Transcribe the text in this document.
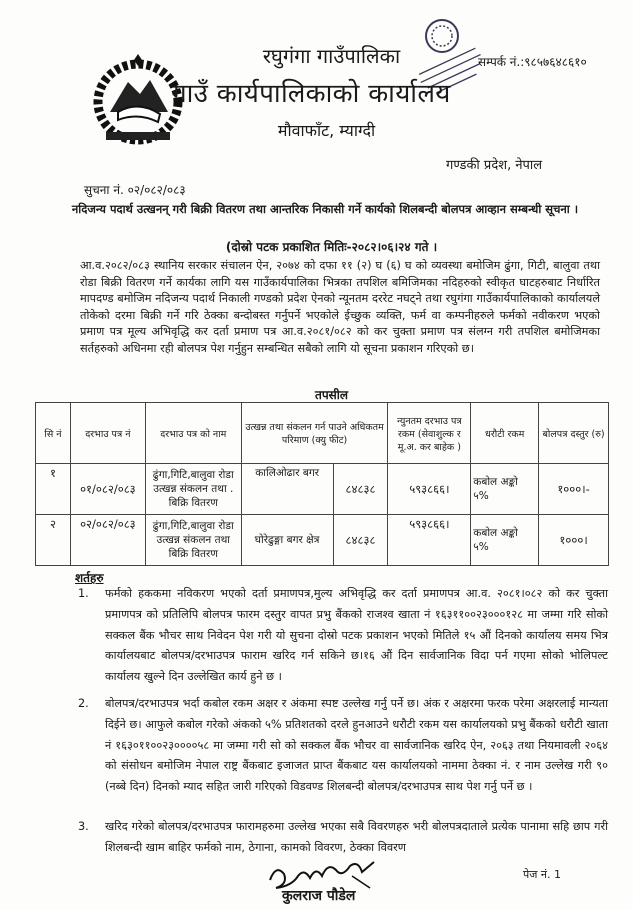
रघुगंगा गाउँपालिका
गाउँ कार्यपालिकाको कार्यालय
मौवाफाँट, म्याग्दी
सम्पर्क नं.:९८५७६४८६१०
गण्डकी प्रदेश, नेपाल
सुचना नं. ०२/०८२/०८३
नदिजन्य पदार्थ उत्खनन् गरी बिक्री वितरण तथा आन्तरिक निकासी गर्ने कार्यको शिलबन्दी बोलपत्र आव्हान सम्बन्धी सूचना ।
(दोस्रो पटक प्रकाशित मितिः-२०८२।०६।२४ गते ।
आ.व.२०८२/०८३ स्थानिय सरकार संचालन ऐन, २०७४ को दफा ११ (२) घ (६) घ को व्यवस्था बमोजिम ढुंगा, गिटी, बालुवा तथा रोडा बिक्री वितरण गर्ने कार्यका लागि यस गाउँकार्यपालिका भित्रका तपशिल बमिजिमका नदिहरुको स्वीकृत घाटहरुबाट निर्धारित मापदण्ड बमोजिम नदिजन्य पदार्थ निकाली गण्डको प्रदेश ऐनको न्यूनतम दररेट नघट्ने तथा रघुगंगा गाउँकार्यपालिकाको कार्यालयले तोकेको दरमा बिक्री गर्ने गरि ठेक्का बन्दोबस्त गर्नुपर्ने भएकोले ईच्छुक व्यक्ति, फर्म वा कम्पनीहरुले फर्मको नवीकरण भएको प्रमाण पत्र मूल्य अभिवृद्धि कर दर्ता प्रमाण पत्र आ.व.२०८१/०८२ को कर चुक्ता प्रमाण पत्र संलग्न गरी तपशिल बमोजिमका सर्तहरुको अधिनमा रही बोलपत्र पेश गर्नुहुन सम्बन्धित सबैको लागि यो सूचना प्रकाशन गरिएको छ।
तपसील
सि नं	दरभाउ पत्र नं	दरभाउ पत्र को नाम	उत्खन्न तथा संकलन गर्न पाउने अधिकतम परिमाण (क्यु फीट)		न्युनतम दरभाउ पत्र रकम (सेवाशुल्क र मू.अ. कर बाहेक )	धरौटी रकम	बोलपत्र दस्तुर (रु)
१	०१/०८२/०८३	ढुंगा,गिटि,बालुवा रोडा उत्खन्न संकलन तथा . बिक्रि वितरण	कालिओढार बगर	८४८३८	५९३८६६।	कबोल अङ्को ५%	१०००।-
२	०२/०८२/०८३	ढुंगा,गिटि,बालुवा रोडा उत्खन्न संकलन तथा बिक्रि वितरण	घोरेढुङ्गा बगर क्षेत्र	८४८३८	५९३८६६।	कबोल अङ्को ५%	१०००।
शर्तहरु
1.	फर्मको हककमा नविकरण भएको दर्ता प्रमाणपत्र,मुल्य अभिवृद्धि कर दर्ता प्रमाणपत्र आ.व. २०८१।०८२ को कर चुक्ता प्रमाणपत्र को प्रतिलिपि बोलपत्र फारम दस्तुर वापत प्रभु बैंकको राजश्व खाता नं १६३११००२३०००१२८ मा जम्मा गरि सोको सक्कल बैंक भौचर साथ निवेदन पेश गरी यो सुचना दोस्रो पटक प्रकाशन भएको मितिले १५ औं दिनको कार्यालय समय भित्र कार्यालयबाट बोलपत्र/दरभाउपत्र फाराम खरिद गर्न सकिने छ।१६ औं दिन सार्वजानिक विदा पर्न गएमा सोको भोलिपल्ट कार्यालय खुल्ने दिन उल्लेखित कार्य हुने छ ।
2.	बोलपत्र/दरभाउपत्र भर्दा कबोल रकम अक्षर र अंकमा स्पष्ट उल्लेख गर्नु पर्ने छ। अंक र अक्षरमा फरक परेमा अक्षरलाई मान्यता दिईने छ। आफुले कबोल गरेको अंकको ५% प्रतिशतको दरले हुनआउने धरौटी रकम यस कार्यालयको प्रभु बैंकको धरौटी खाता नं १६३०११००२३००००५८ मा जम्मा गरी सो को सक्कल बैंक भौचर वा सार्वजानिक खरिद ऐन, २०६३ तथा नियमावली २०६४ को संसोधन बमोजिम नेपाल राष्ट्र बैंकबाट इजाजत प्राप्त बैंकबाट यस कार्यालयको नाममा ठेक्का नं. र नाम उल्लेख गरी ९० (नब्बे दिन) दिनको म्याद सहित जारी गरिएको विडवण्ड शिलबन्दी बोलपत्र/दरभाउपत्र साथ पेश गर्नु पर्ने छ ।
3.	खरिद गरेको बोलपत्र/दरभाउपत्र फारामहरुमा उल्लेख भएका सबै विवरणहरु भरी बोलपत्रदाताले प्रत्येक पानामा सहि छाप गरी शिलबन्दी खाम बाहिर फर्मको नाम, ठेगाना, कामको विवरण, ठेक्का विवरण
पेज नं. 1
कुलराज पौडेल
